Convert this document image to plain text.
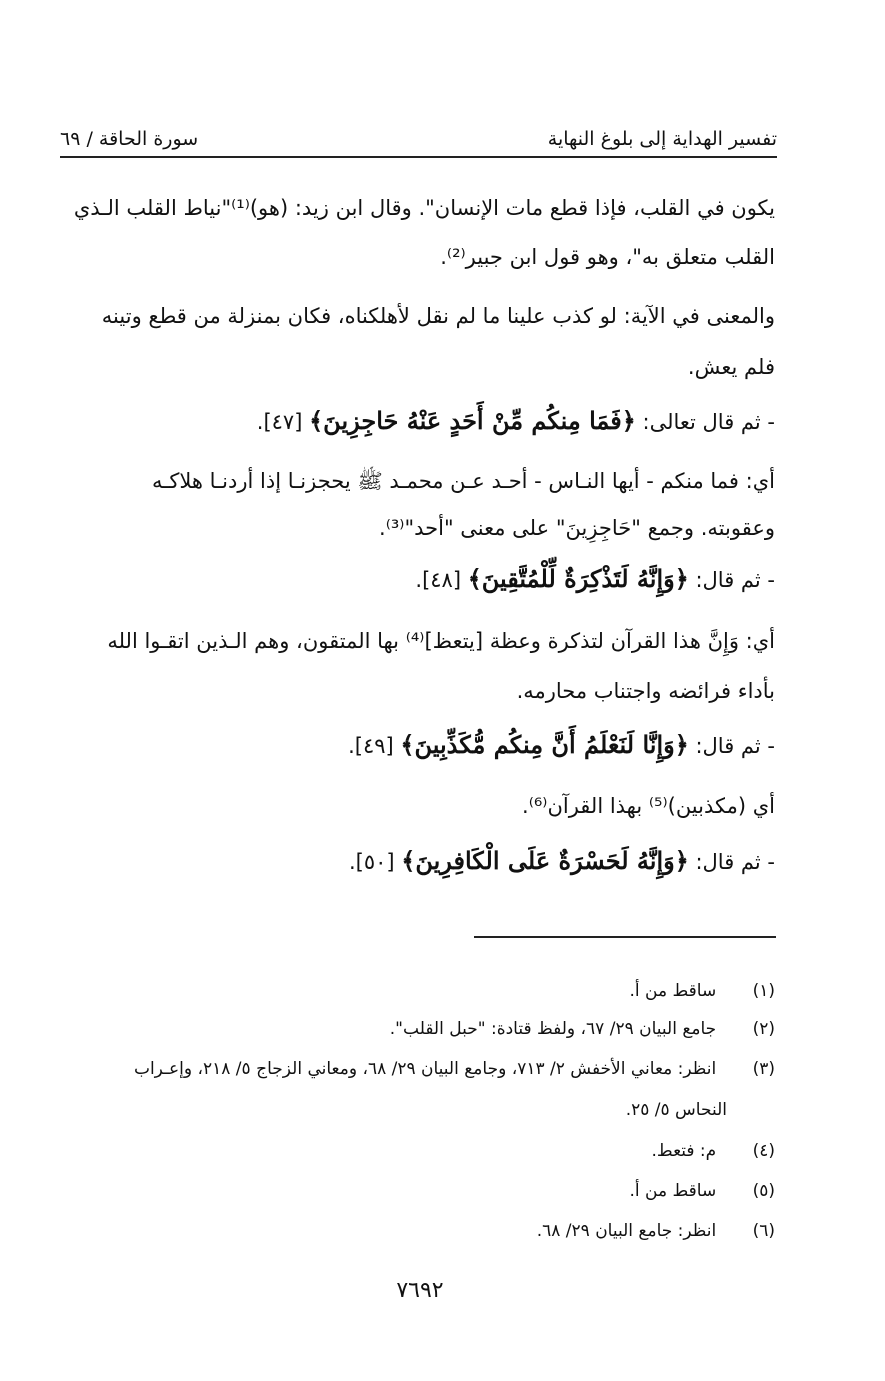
تفسير الهداية إلى بلوغ النهاية
سورة الحاقة / ٦٩
يكون في القلب، فإذا قطع مات الإنسان". وقال ابن زيد: (هو)⁽¹⁾"نياط القلب الـذي
القلب متعلق به"، وهو قول ابن جبير⁽²⁾.
والمعنى في الآية: لو كذب علينا ما لم نقل لأهلكناه، فكان بمنزلة من قطع وتينه
فلم يعش.
- ثم قال تعالى: ﴿فَمَا مِنكُم مِّنْ أَحَدٍ عَنْهُ حَاجِزِينَ﴾ [٤٧].
أي: فما منكم - أيها النـاس - أحـد عـن محمـد ﷺ يحجزنـا إذا أردنـا هلاكـه
وعقوبته. وجمع "حَاجِزِينَ" على معنى "أحد"⁽³⁾.
- ثم قال: ﴿وَإِنَّهُ لَتَذْكِرَةٌ لِّلْمُتَّقِينَ﴾ [٤٨].
أي: وَإِنَّ هذا القرآن لتذكرة وعظة [يتعظ]⁽⁴⁾ بها المتقون، وهم الـذين اتقـوا الله
بأداء فرائضه واجتناب محارمه.
- ثم قال: ﴿وَإِنَّا لَنَعْلَمُ أَنَّ مِنكُم مُّكَذِّبِينَ﴾ [٤٩].
أي (مكذبين)⁽⁵⁾ بهذا القرآن⁽⁶⁾.
- ثم قال: ﴿وَإِنَّهُ لَحَسْرَةٌ عَلَى الْكَافِرِينَ﴾ [٥٠].
(١)  ساقط من أ.
(٢)  جامع البيان ٢٩/ ٦٧، ولفظ قتادة: "حبل القلب".
(٣)  انظر: معاني الأخفش ٢/ ٧١٣، وجامع البيان ٢٩/ ٦٨، ومعاني الزجاج ٥/ ٢١٨، وإعـراب
النحاس ٥/ ٢٥.
(٤)  م: فتعط.
(٥)  ساقط من أ.
(٦)  انظر: جامع البيان ٢٩/ ٦٨.
٧٦٩٢
